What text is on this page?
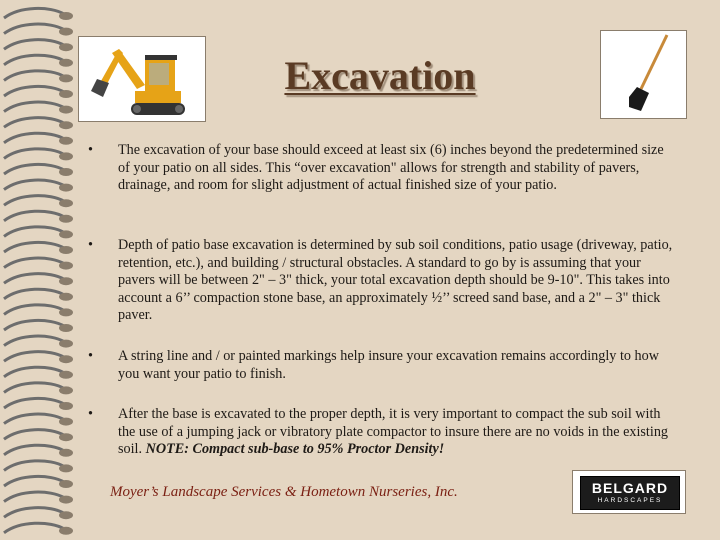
Excavation
•	The excavation of your base should exceed at least six (6) inches beyond the predetermined size of your patio on all sides. This “over excavation" allows for strength and stability of pavers, drainage, and room for slight adjustment of actual finished size of your patio.
•	Depth of patio base excavation is determined by sub soil conditions, patio usage (driveway, patio, retention, etc.), and building / structural obstacles. A standard to go by is assuming that your pavers will be between 2" – 3" thick, your total excavation depth should be 9-10". This takes into account a 6’’ compaction stone base, an approximately ½’’ screed sand base, and a 2" – 3" thick paver.
•	A string line and / or painted markings help insure your excavation remains accordingly to how you want your patio to finish.
•	After the base is excavated to the proper depth, it is very important to compact the sub soil with the use of a jumping jack or vibratory plate compactor to insure there are no voids in the existing soil. NOTE: Compact sub-base to 95% Proctor Density!

Moyer’s Landscape Services & Hometown Nurseries, Inc.	BELGARD
HARDSCAPES
